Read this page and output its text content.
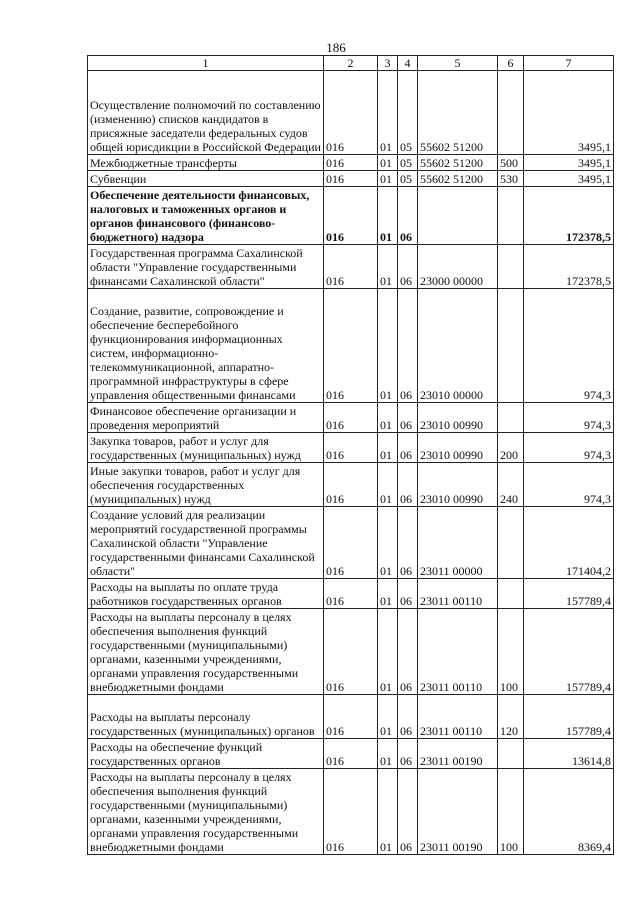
186
1	2	3	4	5	6	7
Осуществление полномочий по составлению (изменению) списков кандидатов в присяжные заседатели федеральных судов общей юрисдикции в Российской Федерации	016	01	05	55602 51200		3495,1
Межбюджетные трансферты	016	01	05	55602 51200	500	3495,1
Субвенции	016	01	05	55602 51200	530	3495,1
Обеспечение деятельности финансовых, налоговых и таможенных органов и органов финансового (финансово-бюджетного) надзора	016	01	06			172378,5
Государственная программа Сахалинской области "Управление государственными финансами Сахалинской области"	016	01	06	23000 00000		172378,5
Создание, развитие, сопровождение и обеспечение бесперебойного функционирования информационных систем, информационно-телекоммуникационной, аппаратно-программной инфраструктуры в сфере управления общественными финансами	016	01	06	23010 00000		974,3
Финансовое обеспечение организации и проведения мероприятий	016	01	06	23010 00990		974,3
Закупка товаров, работ и услуг для государственных (муниципальных) нужд	016	01	06	23010 00990	200	974,3
Иные закупки товаров, работ и услуг для обеспечения государственных (муниципальных) нужд	016	01	06	23010 00990	240	974,3
Создание условий для реализации мероприятий государственной программы Сахалинской области "Управление государственными финансами Сахалинской области"	016	01	06	23011 00000		171404,2
Расходы на выплаты по оплате труда работников государственных органов	016	01	06	23011 00110		157789,4
Расходы на выплаты персоналу в целях обеспечения выполнения функций государственными (муниципальными) органами, казенными учреждениями, органами управления государственными внебюджетными фондами	016	01	06	23011 00110	100	157789,4
Расходы на выплаты персоналу государственных (муниципальных) органов	016	01	06	23011 00110	120	157789,4
Расходы на обеспечение функций государственных органов	016	01	06	23011 00190		13614,8
Расходы на выплаты персоналу в целях обеспечения выполнения функций государственными (муниципальными) органами, казенными учреждениями, органами управления государственными внебюджетными фондами	016	01	06	23011 00190	100	8369,4
